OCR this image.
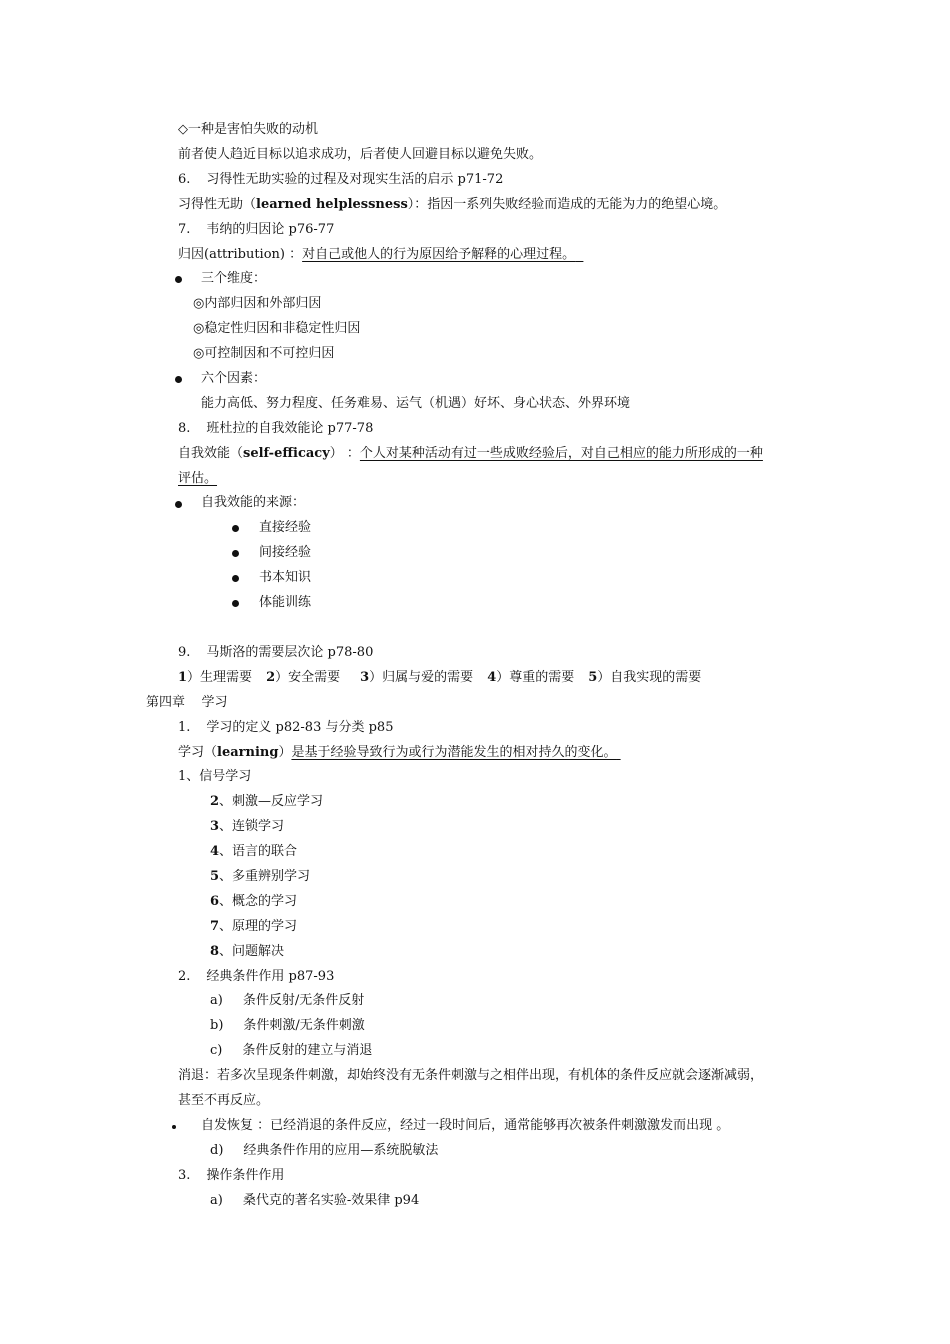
◇一种是害怕失败的动机
前者使人趋近目标以追求成功，后者使人回避目标以避免失败。
6. 习得性无助实验的过程及对现实生活的启示 p71-72
习得性无助（learned helplessness）：指因一系列失败经验而造成的无能为力的绝望心境。
7. 韦纳的归因论 p76-77
归因(attribution) ：对自己或他人的行为原因给予解释的心理过程。
三个维度：
◎内部归因和外部归因
◎稳定性归因和非稳定性归因
◎可控制因和不可控归因
六个因素：
能力高低、努力程度、任务难易、运气（机遇）好坏、身心状态、外界环境
8. 班杜拉的自我效能论 p77-78
自我效能（self-efficacy） ：个人对某种活动有过一些成败经验后，对自己相应的能力所形成的一种
评估。
自我效能的来源：
直接经验
间接经验
书本知识
体能训练
9. 马斯洛的需要层次论 p78-80
1）生理需要 2）安全需要 3）归属与爱的需要 4）尊重的需要 5）自我实现的需要
第四章    学习
1. 学习的定义 p82-83 与分类 p85
学习（learning）是基于经验导致行为或行为潜能发生的相对持久的变化。
1、信号学习
2、刺激—反应学习
3、连锁学习
4、语言的联合
5、多重辨别学习
6、概念的学习
7、原理的学习
8、问题解决
2. 经典条件作用 p87-93
a) 条件反射/无条件反射
b) 条件刺激/无条件刺激
c) 条件反射的建立与消退
消退：若多次呈现条件刺激，却始终没有无条件刺激与之相伴出现，有机体的条件反应就会逐渐减弱，
甚至不再反应。
自发恢复 ：已经消退的条件反应，经过一段时间后，通常能够再次被条件刺激激发而出现 。
d) 经典条件作用的应用—系统脱敏法
3. 操作条件作用
a) 桑代克的著名实验-效果律 p94
